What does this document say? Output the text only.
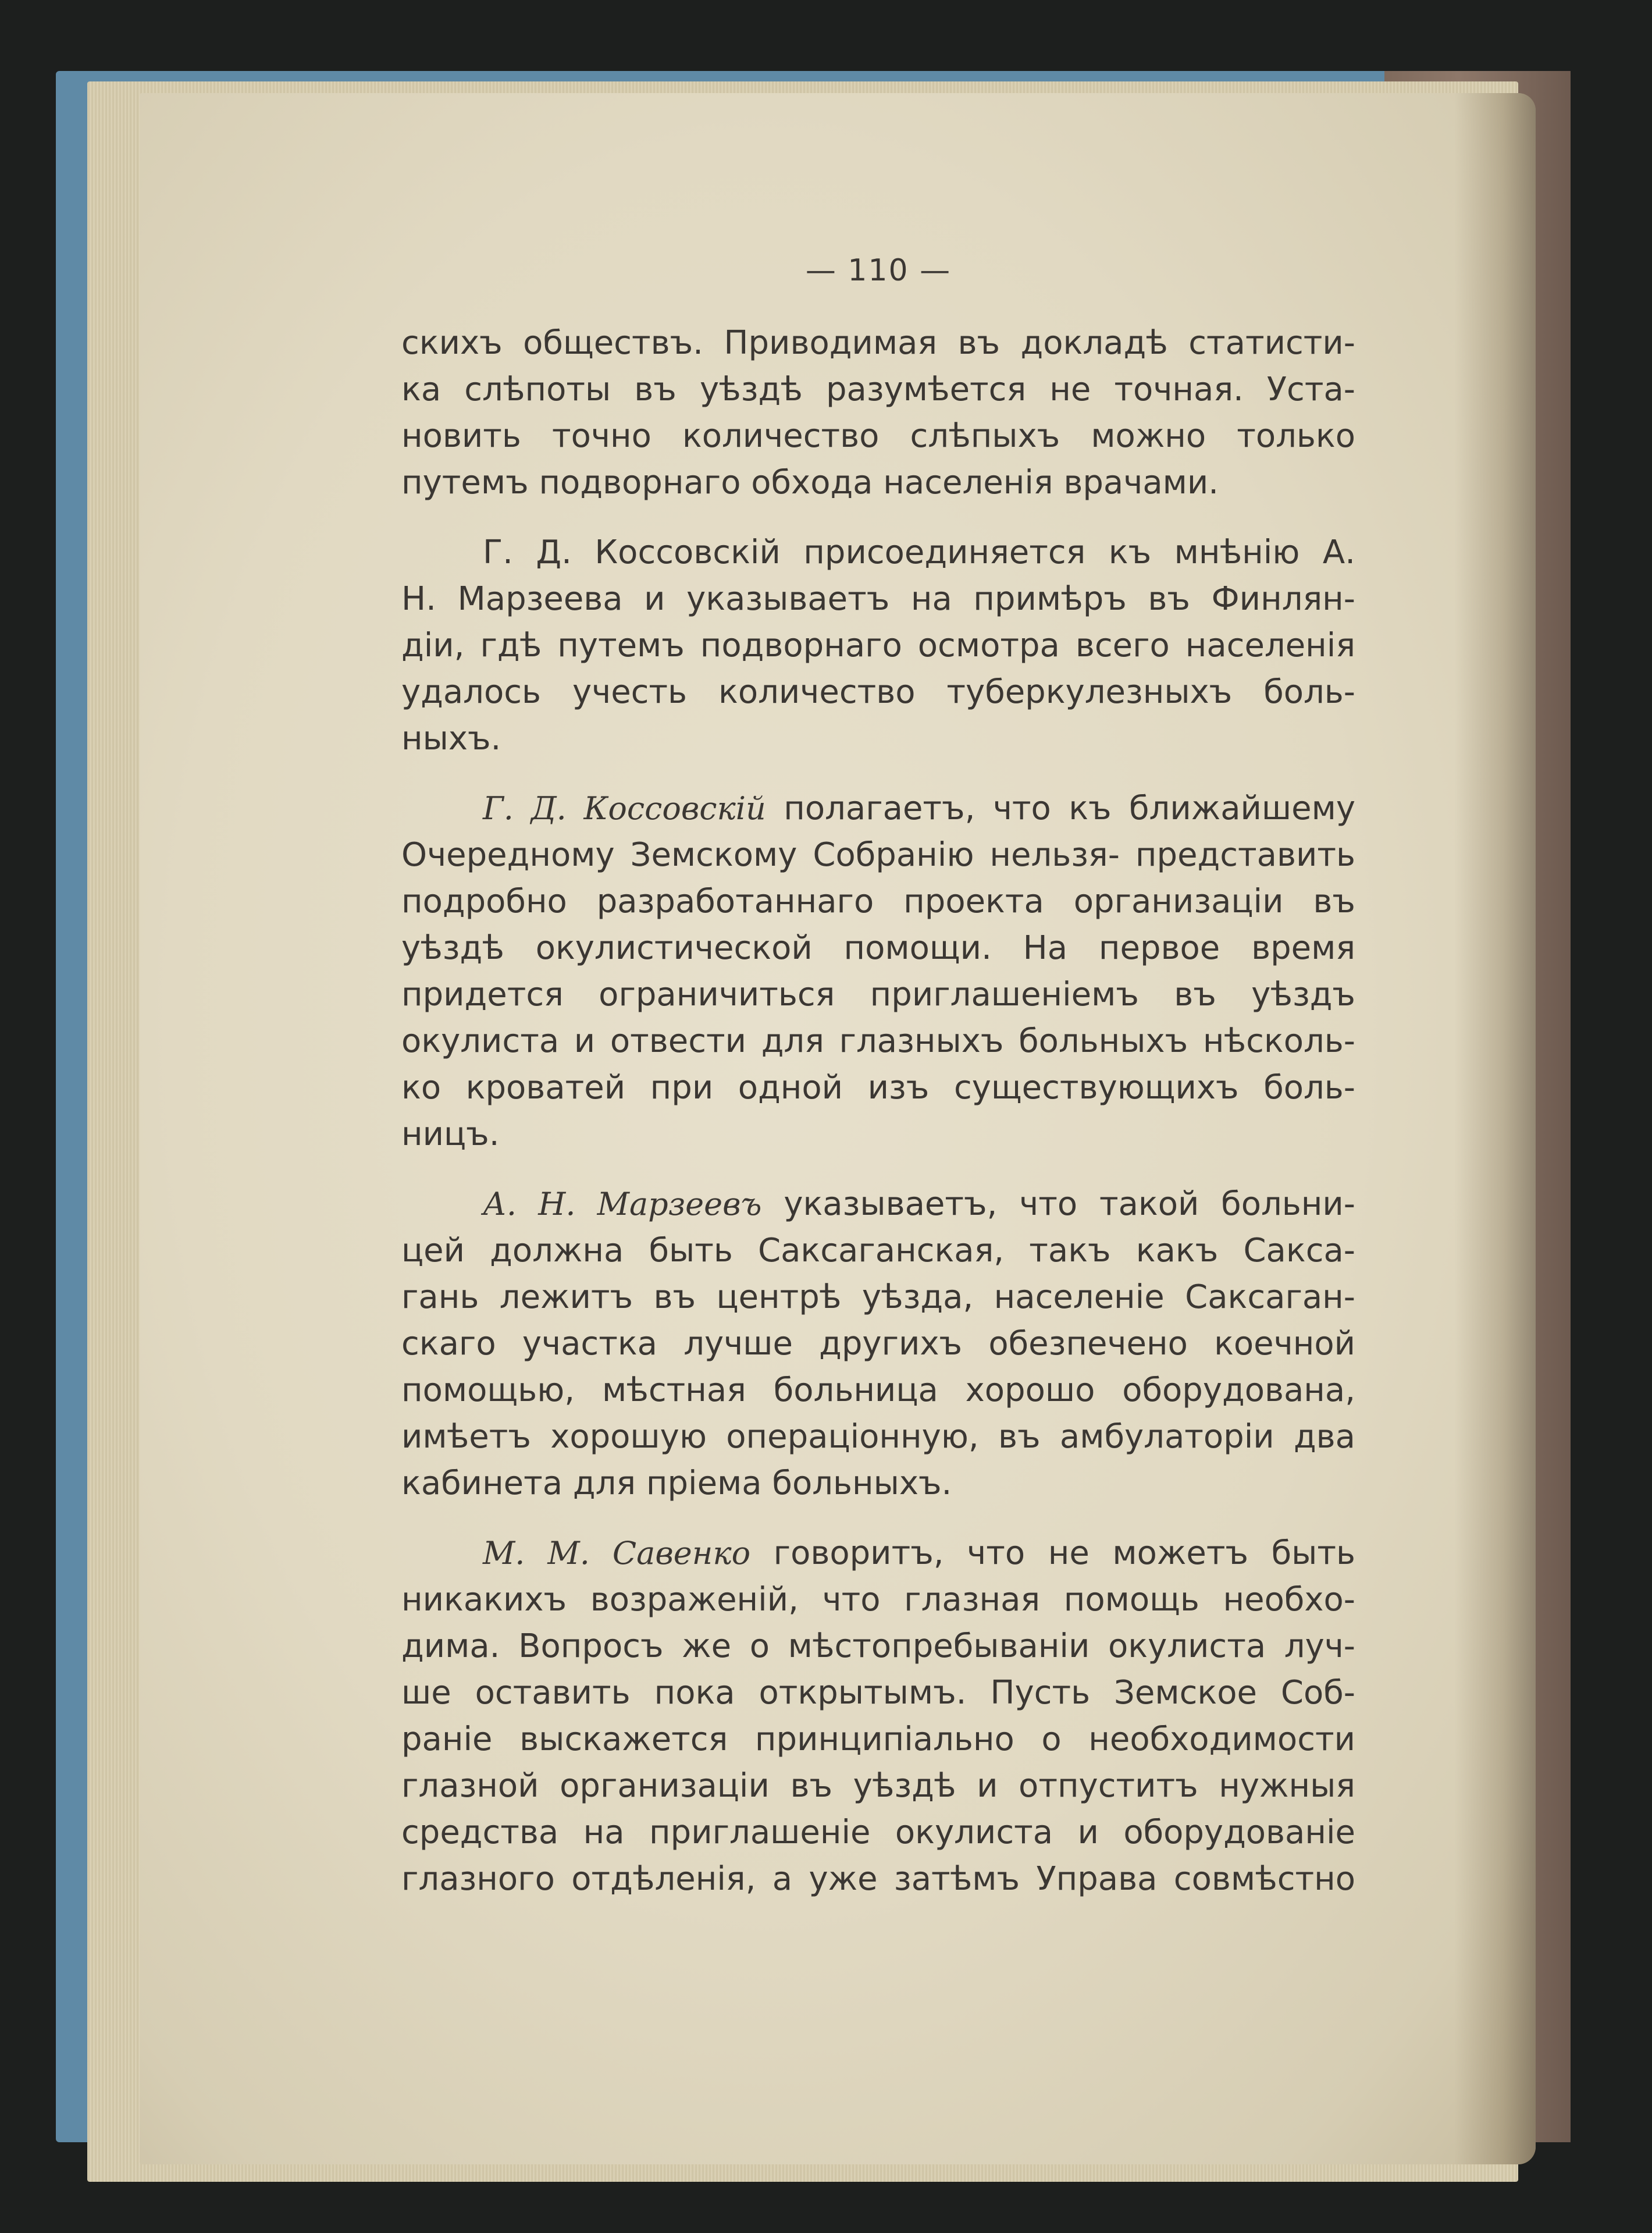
— 110 —
скихъ обществъ. Приводимая въ докладѣ статисти-
ка слѣпоты въ уѣздѣ разумѣется не точная. Уста-
новить точно количество слѣпыхъ можно только
путемъ подворнаго обхода населенія врачами.
Г. Д. Коссовскій присоединяется къ мнѣнію А.
Н. Марзеева и указываетъ на примѣръ въ Финлян-
діи, гдѣ путемъ подворнаго осмотра всего населенія
удалось учесть количество туберкулезныхъ боль-
ныхъ.
Г. Д. Коссовскій полагаетъ, что къ ближайшему
Очередному Земскому Собранію нельзя- представить
подробно разработаннаго проекта организаціи въ
уѣздѣ окулистической помощи. На первое время
придется ограничиться приглашеніемъ въ уѣздъ
окулиста и отвести для глазныхъ больныхъ нѣсколь-
ко кроватей при одной изъ существующихъ боль-
ницъ.
А. Н. Марзеевъ указываетъ, что такой больни-
цей должна быть Саксаганская, такъ какъ Сакса-
гань лежитъ въ центрѣ уѣзда, населеніе Саксаган-
скаго участка лучше другихъ обезпечено коечной
помощью, мѣстная больница хорошо оборудована,
имѣетъ хорошую операціонную, въ амбулаторіи два
кабинета для пріема больныхъ.
М. М. Савенко говоритъ, что не можетъ быть
никакихъ возраженій, что глазная помощь необхо-
дима. Вопросъ же о мѣстопребываніи окулиста луч-
ше оставить пока открытымъ. Пусть Земское Соб-
раніе выскажется принципіально о необходимости
глазной организаціи въ уѣздѣ и отпуститъ нужныя
средства на приглашеніе окулиста и оборудованіе
глазного отдѣленія, а уже затѣмъ Управа совмѣстно
